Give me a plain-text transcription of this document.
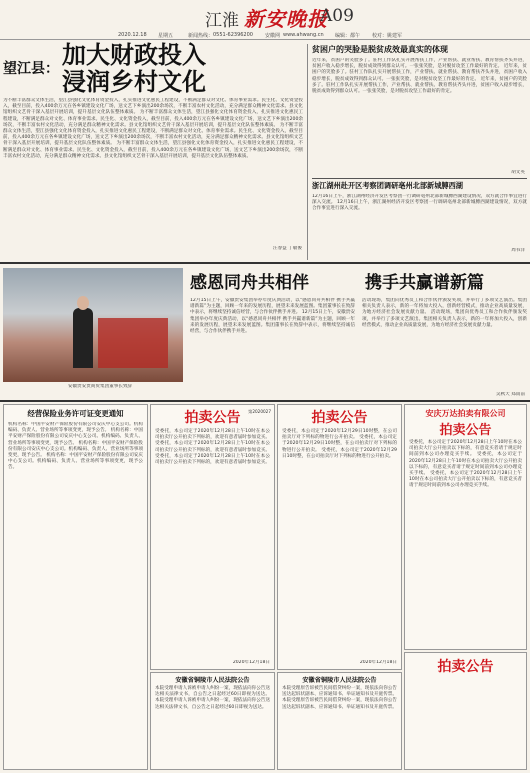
江淮 新安晚报
A09
2020.12.18 星期五	新闻热线： 0551-62396200 安徽网 www.ahwang.cn 编辑：都午 校对：姚建军
望江县： 加大财政投入
浸润乡村文化
为不断丰富群众文体生活，望江县强化文化体育资金投入，扎实推进文化惠民工程建设，不断满足群众对文化、体育事业需求。民生化、文化资金投入，截至目前，投入400余万元在各乡镇建设文化广场，送文艺下乡演出200余场次，不断丰富农村文化活动，充分满足群众精神文化需求。县文化馆组织文艺骨干深入基层开展培训，提升基层文化队伍整体素质。 为不断丰富群众文体生活，望江县强化文化体育资金投入，扎实推进文化惠民工程建设，不断满足群众对文化、体育事业需求。民生化、文化资金投入，截至目前，投入400余万元在各乡镇建设文化广场，送文艺下乡演出200余场次，不断丰富农村文化活动，充分满足群众精神文化需求。县文化馆组织文艺骨干深入基层开展培训，提升基层文化队伍整体素质。 为不断丰富群众文体生活，望江县强化文化体育资金投入，扎实推进文化惠民工程建设，不断满足群众对文化、体育事业需求。民生化、文化资金投入，截至目前，投入400余万元在各乡镇建设文化广场，送文艺下乡演出200余场次，不断丰富农村文化活动，充分满足群众精神文化需求。县文化馆组织文艺骨干深入基层开展培训，提升基层文化队伍整体素质。 为不断丰富群众文体生活，望江县强化文化体育资金投入，扎实推进文化惠民工程建设，不断满足群众对文化、体育事业需求。民生化、文化资金投入，截至目前，投入400余万元在各乡镇建设文化广场，送文艺下乡演出200余场次，不断丰富农村文化活动，充分满足群众精神文化需求。县文化馆组织文艺骨干深入基层开展培训，提升基层文化队伍整体素质。
汪春益 丁敏俊
贫困户的哭脸是脱贫成效最真实的体现
近年来，贫困户的笑脸多了。驻村工作队扎实开展帮扶工作，产业帮扶、就业帮扶、教育帮扶齐头并进，贫困户收入稳步增长，脱贫成效得到群众认可。一张张笑脸，是对脱贫攻坚工作最好的肯定。 近年来，贫困户的笑脸多了。驻村工作队扎实开展帮扶工作，产业帮扶、就业帮扶、教育帮扶齐头并进，贫困户收入稳步增长，脱贫成效得到群众认可。一张张笑脸，是对脱贫攻坚工作最好的肯定。 近年来，贫困户的笑脸多了。驻村工作队扎实开展帮扶工作，产业帮扶、就业帮扶、教育帮扶齐头并进，贫困户收入稳步增长，脱贫成效得到群众认可。一张张笑脸，是对脱贫攻坚工作最好的肯定。
胡文英
浙江湖州赴开区考察团调研亳州北部新城膊西湖
12月16日上午，浙江湖州经济开发区考察团一行调研亳州北部新城膊西湖建设情况，双方就合作事宜进行深入交流。 12月16日上午，浙江湖州经济开发区考察团一行调研亳州北部新城膊西湖建设情况，双方就合作事宜进行深入交流。
周书洋
安徽贵安贵商贸集团董事长致辞
感恩同舟共相伴	携手共赢谱新篇
12月15日上午，安徽贵安集团举办年度庆典活动，以“感恩同舟共相伴 携手共赢谱新篇”为主题，回顾一年来的发展历程，展望未来发展蓝图。集团董事长在致辞中表示，将继续坚持诚信经营，与合作伙伴携手并进。 12月15日上午，安徽贵安集团举办年度庆典活动，以“感恩同舟共相伴 携手共赢谱新篇”为主题，回顾一年来的发展历程，展望未来发展蓝图。集团董事长在致辞中表示，将继续坚持诚信经营，与合作伙伴携手并进。
活动现场，集团向优秀员工和合作伙伴颁发奖项，并举行了多项文艺演出。集团相关负责人表示，新的一年将加大投入，创新经营模式，推动企业高质量发展，为地方经济社会发展贡献力量。 活动现场，集团向优秀员工和合作伙伴颁发奖项，并举行了多项文艺演出。集团相关负责人表示，新的一年将加大投入，创新经营模式，推动企业高质量发展，为地方经济社会发展贡献力量。
吴秋天 郑雨前
经营保险业务许可证变更通知
机构名称：中国平安财产保险股份有限公司安庆中心支公司。机构编码、负责人、营业场所等事项变更，现予公告。 机构名称：中国平安财产保险股份有限公司安庆中心支公司。机构编码、负责人、营业场所等事项变更，现予公告。 机构名称：中国平安财产保险股份有限公司安庆中心支公司。机构编码、负责人、营业场所等事项变更，现予公告。 机构名称：中国平安财产保险股份有限公司安庆中心支公司。机构编码、负责人、营业场所等事项变更，现予公告。
拍卖公告	第2020027
受委托，本公司定于2020年12月28日上午10时在本公司拍卖厅公开拍卖下列标的，欢迎有意者届时参加竞买。 受委托，本公司定于2020年12月28日上午10时在本公司拍卖厅公开拍卖下列标的，欢迎有意者届时参加竞买。 受委托，本公司定于2020年12月28日上午10时在本公司拍卖厅公开拍卖下列标的，欢迎有意者届时参加竞买。
2020年12月18日
拍卖公告
受委托，本公司定于2020年12月29日10时整，在公司拍卖厅对下列标的物进行公开拍卖。 受委托，本公司定于2020年12月29日10时整，在公司拍卖厅对下列标的物进行公开拍卖。 受委托，本公司定于2020年12月29日10时整，在公司拍卖厅对下列标的物进行公开拍卖。
2020年12月18日
安庆万达拍卖有限公司
拍卖公告
受委托，本公司定于2020年12月28日上午10时在本公司拍卖大厅公开拍卖以下标的，有意竞买者请于规定时间前到本公司办理竞买手续。 受委托，本公司定于2020年12月28日上午10时在本公司拍卖大厅公开拍卖以下标的，有意竞买者请于规定时间前到本公司办理竞买手续。 受委托，本公司定于2020年12月28日上午10时在本公司拍卖大厅公开拍卖以下标的，有意竞买者请于规定时间前到本公司办理竞买手续。
安徽省铜陵市人民法院公告
本院受理申请人诉被申请人纠纷一案，现依法向你公告送达相关法律文书，自公告之日起经过60日即视为送达。 本院受理申请人诉被申请人纠纷一案，现依法向你公告送达相关法律文书，自公告之日起经过60日即视为送达。
安徽省铜陵市人民法院公告
本院受理原告诉被告民间借贷纠纷一案，现依法向你公告送达起诉状副本、应诉通知书、举证通知书及开庭传票。 本院受理原告诉被告民间借贷纠纷一案，现依法向你公告送达起诉状副本、应诉通知书、举证通知书及开庭传票。
拍卖公告
